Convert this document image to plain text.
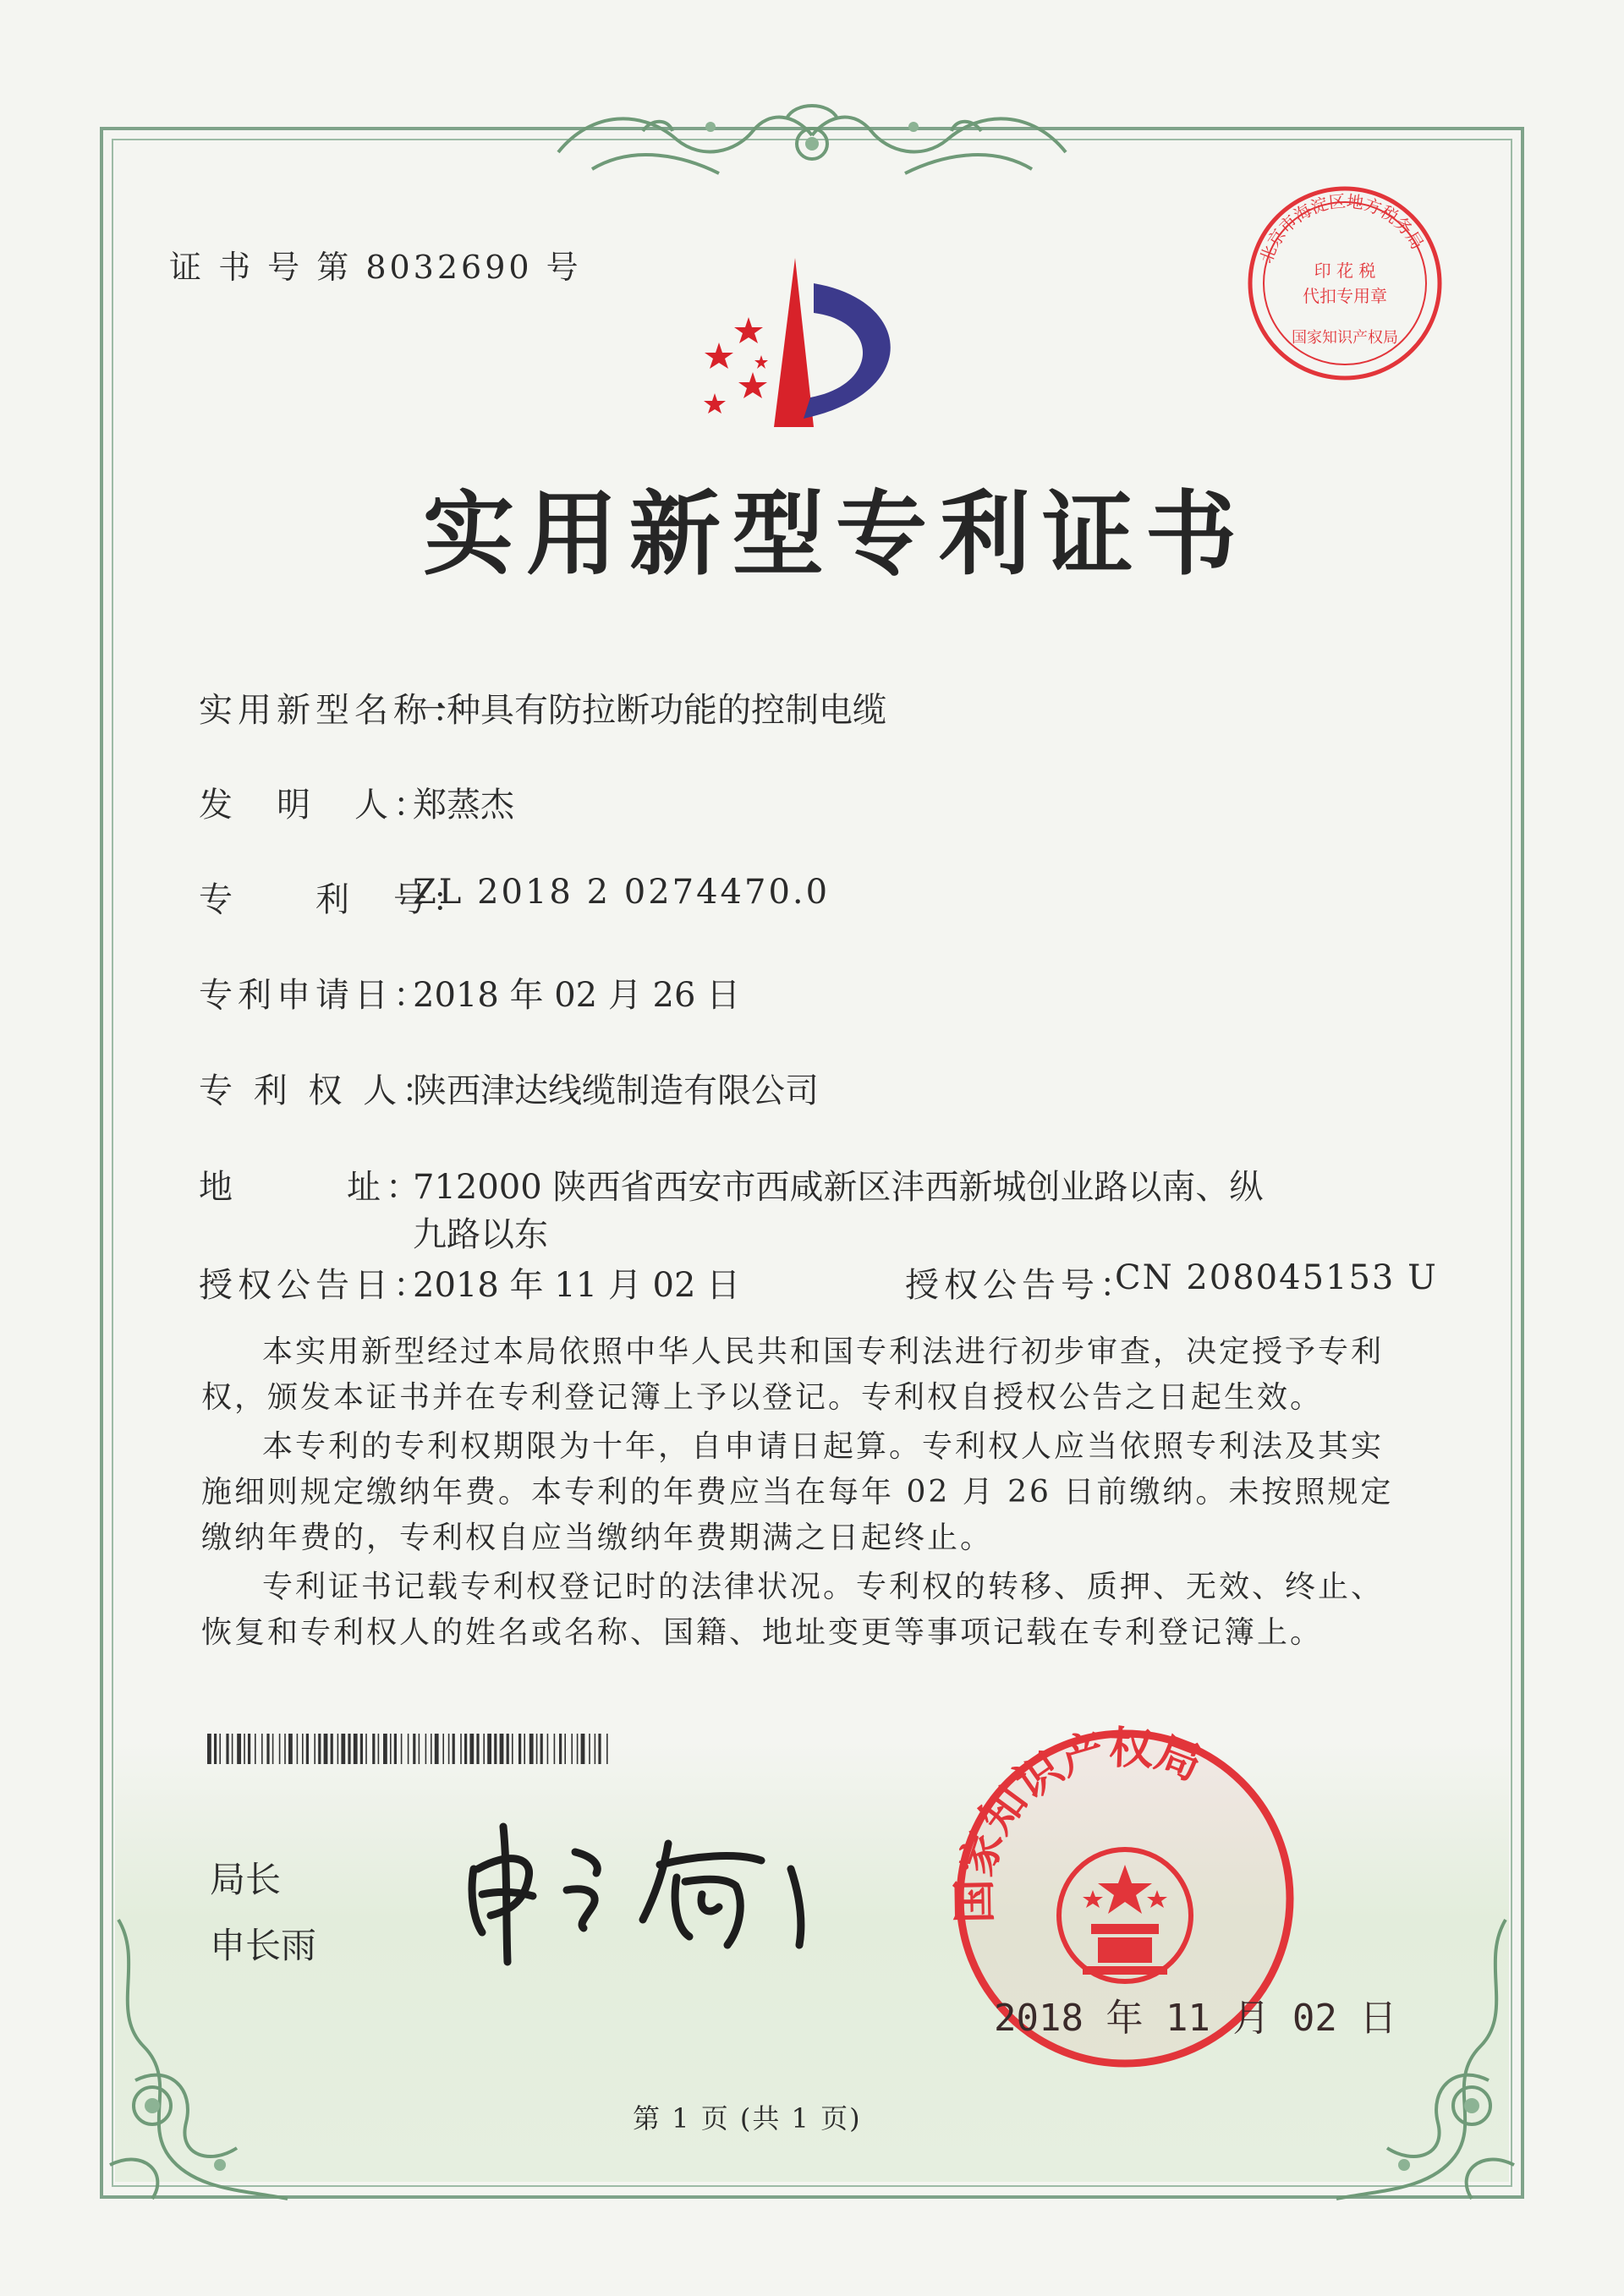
证 书 号 第 8032690 号	北京市海淀区地方税务局
印 花 税
代扣专用章
国家知识产权局
实用新型专利证书
实用新型名称：
一种具有防拉断功能的控制电缆
发　明　人：
郑蒸杰
专　　利　号：
ZL 2018 2 0274470.0
专利申请日：
2018 年 02 月 26 日
专 利 权 人：
陕西津达线缆制造有限公司
地	址：
712000 陕西省西安市西咸新区沣西新城创业路以南、纵
九路以东
授权公告日：
2018 年 11 月 02 日	授权公告号：
CN 208045153 U

本实用新型经过本局依照中华人民共和国专利法进行初步审查，决定授予专利权，颁发本证书并在专利登记簿上予以登记。专利权自授权公告之日起生效。

本专利的专利权期限为十年，自申请日起算。专利权人应当依照专利法及其实施细则规定缴纳年费。本专利的年费应当在每年 02 月 26 日前缴纳。未按照规定缴纳年费的，专利权自应当缴纳年费期满之日起终止。

专利证书记载专利权登记时的法律状况。专利权的转移、质押、无效、终止、恢复和专利权人的姓名或名称、国籍、地址变更等事项记载在专利登记簿上。

局长
申长雨
国家知识产权局
2018 年 11 月 02 日
第 1 页 (共 1 页)
